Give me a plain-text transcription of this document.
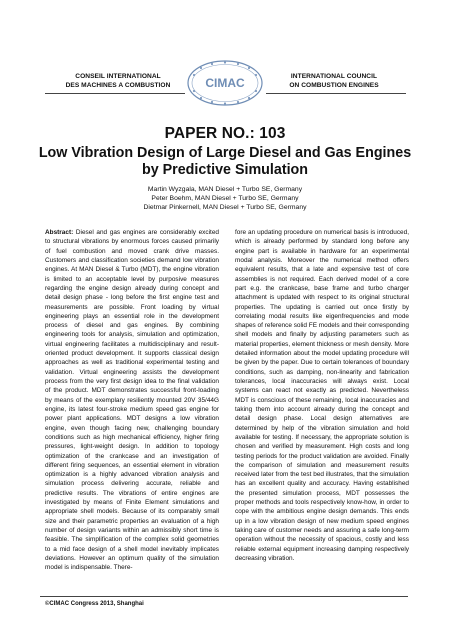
CONSEIL INTERNATIONAL
DES MACHINES A COMBUSTION	CIMAC	INTERNATIONAL COUNCIL
ON COMBUSTION ENGINES
PAPER NO.: 103
Low Vibration Design of Large Diesel and Gas Engines by Predictive Simulation
Martin Wyzgala, MAN Diesel + Turbo SE, Germany
Peter Boehm, MAN Diesel + Turbo SE, Germany
Dietmar Pinkernell, MAN Diesel + Turbo SE, Germany
Abstract: Diesel and gas engines are considerably excited to structural vibrations by enormous forces caused primarily of fuel combustion and moved crank drive masses. Customers and classification societies demand low vibration engines. At MAN Diesel & Turbo (MDT), the engine vibration is limited to an acceptable level by purposive measures regarding the engine design already during concept and detail design phase - long before the first engine test and measurements are possible. Front loading by virtual engineering plays an essential role in the development process of diesel and gas engines. By combining engineering tools for analysis, simulation and optimization, virtual engineering facilitates a multidisciplinary and result-oriented product development. It supports classical design approaches as well as traditional experimental testing and validation. Virtual engineering assists the development process from the very first design idea to the final validation of the product. MDT demonstrates successful front-loading by means of the exemplary resiliently mounted 20V 35/44G engine, its latest four-stroke medium speed gas engine for power plant applications. MDT designs a low vibration engine, even though facing new, challenging boundary conditions such as high mechanical efficiency, higher firing pressures, light-weight design. In addition to topology optimization of the crankcase and an investigation of different firing sequences, an essential element in vibration optimization is a highly advanced vibration analysis and simulation process delivering accurate, reliable and predictive results. The vibrations of entire engines are investigated by means of Finite Element simulations and appropriate shell models. Because of its comparably small size and their parametric properties an evaluation of a high number of design variants within an admissibly short time is feasible. The simplification of the complex solid geometries to a mid face design of a shell model inevitably implicates deviations. However an optimum quality of the simulation model is indispensable. There-
fore an updating procedure on numerical basis is introduced, which is already performed by standard long before any engine part is available in hardware for an experimental modal analysis. Moreover the numerical method offers equivalent results, that a late and expensive test of core assemblies is not required. Each derived model of a core part e.g. the crankcase, base frame and turbo charger attachment is updated with respect to its original structural properties. The updating is carried out once firstly by correlating modal results like eigenfrequencies and mode shapes of reference solid FE models and their corresponding shell models and finally by adjusting parameters such as material properties, element thickness or mesh density. More detailed information about the model updating procedure will be given by the paper. Due to certain tolerances of boundary conditions, such as damping, non-linearity and fabrication tolerances, local inaccuracies will always exist. Local systems can react not exactly as predicted. Nevertheless MDT is conscious of these remaining, local inaccuracies and taking them into account already during the concept and detail design phase. Local design alternatives are determined by help of the vibration simulation and hold available for testing. If necessary, the appropriate solution is chosen and verified by measurement. High costs and long testing periods for the product validation are avoided. Finally the comparison of simulation and measurement results received later from the test bed illustrates, that the simulation has an excellent quality and accuracy. Having established the presented simulation process, MDT possesses the proper methods and tools respectively know-how, in order to cope with the ambitious engine design demands. This ends up in a low vibration design of new medium speed engines taking care of customer needs and assuring a safe long-term operation without the necessity of spacious, costly and less reliable external equipment increasing damping respectively decreasing vibration.
©CIMAC Congress 2013, Shanghai
